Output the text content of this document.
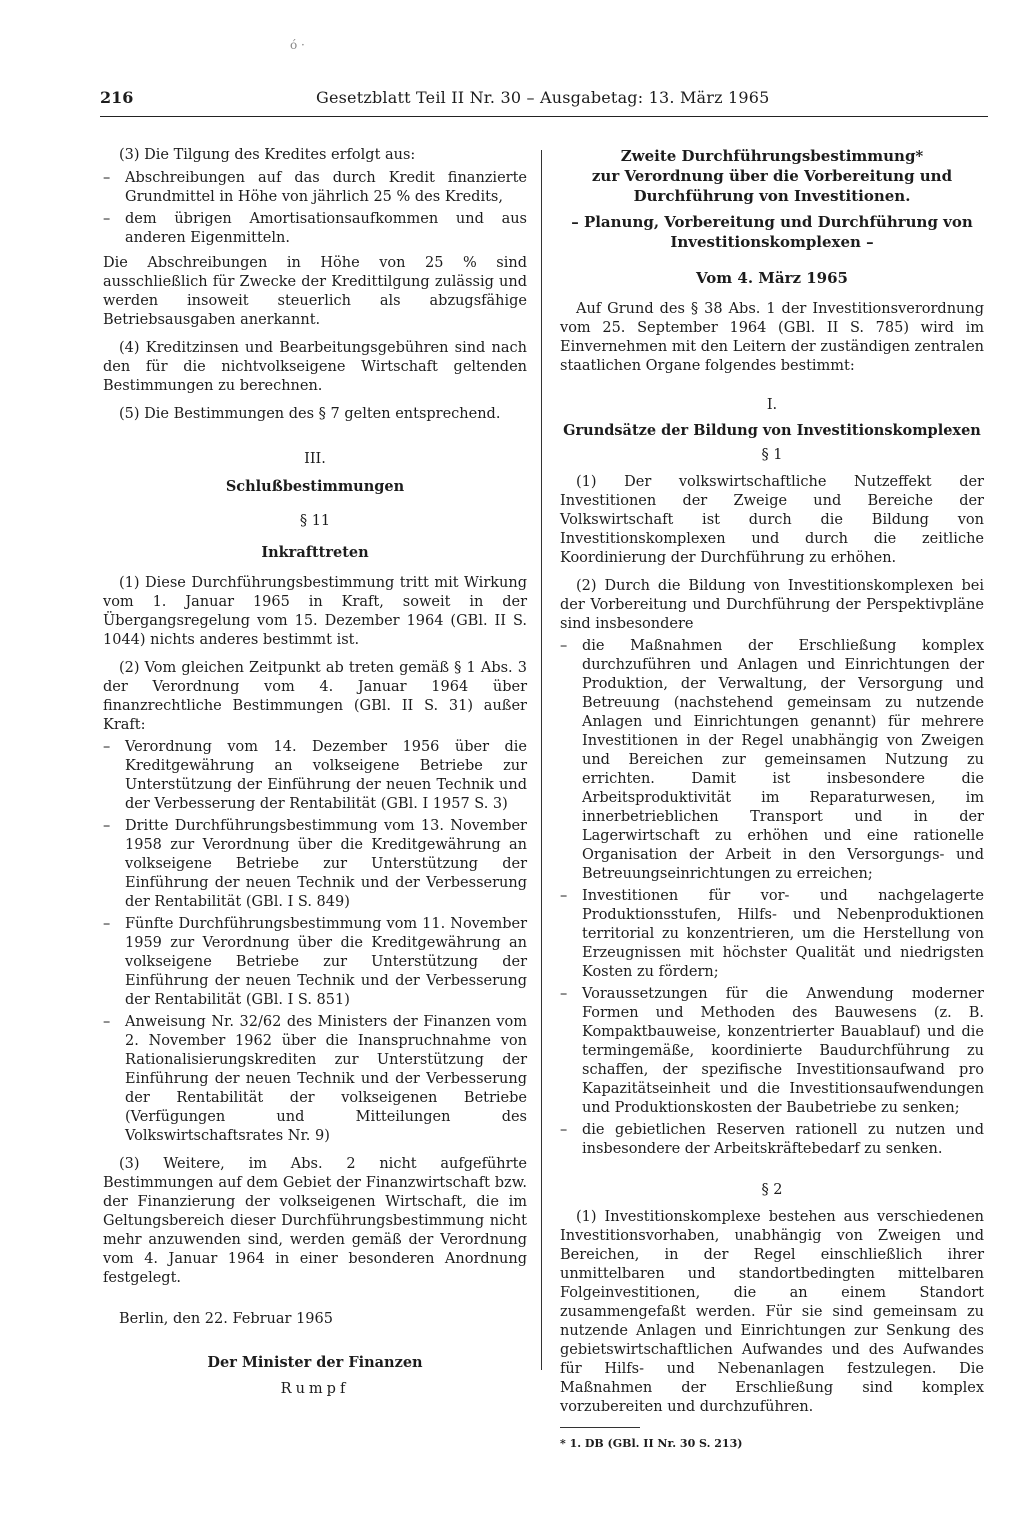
ó ·
216	Gesetzblatt Teil II Nr. 30 – Ausgabetag: 13. März 1965

(3) Die Tilgung des Kredites erfolgt aus:

– Abschreibungen auf das durch Kredit finanzierte Grundmittel in Höhe von jährlich 25 % des Kredits,
– dem übrigen Amortisationsaufkommen und aus anderen Eigenmitteln.

Die Abschreibungen in Höhe von 25 % sind ausschließlich für Zwecke der Kredittilgung zulässig und werden insoweit steuerlich als abzugsfähige Betriebsausgaben anerkannt.

(4) Kreditzinsen und Bearbeitungsgebühren sind nach den für die nichtvolkseigene Wirtschaft geltenden Bestimmungen zu berechnen.

(5) Die Bestimmungen des § 7 gelten entsprechend.

III.
Schlußbestimmungen
§ 11
Inkrafttreten

(1) Diese Durchführungsbestimmung tritt mit Wirkung vom 1. Januar 1965 in Kraft, soweit in der Übergangsregelung vom 15. Dezember 1964 (GBl. II S. 1044) nichts anderes bestimmt ist.

(2) Vom gleichen Zeitpunkt ab treten gemäß § 1 Abs. 3 der Verordnung vom 4. Januar 1964 über finanzrechtliche Bestimmungen (GBl. II S. 31) außer Kraft:

– Verordnung vom 14. Dezember 1956 über die Kreditgewährung an volkseigene Betriebe zur Unterstützung der Einführung der neuen Technik und der Verbesserung der Rentabilität (GBl. I 1957 S. 3)
– Dritte Durchführungsbestimmung vom 13. November 1958 zur Verordnung über die Kreditgewährung an volkseigene Betriebe zur Unterstützung der Einführung der neuen Technik und der Verbesserung der Rentabilität (GBl. I S. 849)
– Fünfte Durchführungsbestimmung vom 11. November 1959 zur Verordnung über die Kreditgewährung an volkseigene Betriebe zur Unterstützung der Einführung der neuen Technik und der Verbesserung der Rentabilität (GBl. I S. 851)
– Anweisung Nr. 32/62 des Ministers der Finanzen vom 2. November 1962 über die Inanspruchnahme von Rationalisierungskrediten zur Unterstützung der Einführung der neuen Technik und der Verbesserung der Rentabilität der volkseigenen Betriebe (Verfügungen und Mitteilungen des Volkswirtschaftsrates Nr. 9)

(3) Weitere, im Abs. 2 nicht aufgeführte Bestimmungen auf dem Gebiet der Finanzwirtschaft bzw. der Finanzierung der volkseigenen Wirtschaft, die im Geltungsbereich dieser Durchführungsbestimmung nicht mehr anzuwenden sind, werden gemäß der Verordnung vom 4. Januar 1964 in einer besonderen Anordnung festgelegt.

Berlin, den 22. Februar 1965

Der Minister der Finanzen
Rumpf
Zweite Durchführungsbestimmung*
zur Verordnung über die Vorbereitung und
Durchführung von Investitionen.
– Planung, Vorbereitung und Durchführung von
Investitionskomplexen –
Vom 4. März 1965

Auf Grund des § 38 Abs. 1 der Investitionsverordnung vom 25. September 1964 (GBl. II S. 785) wird im Einvernehmen mit den Leitern der zuständigen zentralen staatlichen Organe folgendes bestimmt:

I.
Grundsätze der Bildung von Investitionskomplexen
§ 1

(1) Der volkswirtschaftliche Nutzeffekt der Investitionen der Zweige und Bereiche der Volkswirtschaft ist durch die Bildung von Investitionskomplexen und durch die zeitliche Koordinierung der Durchführung zu erhöhen.

(2) Durch die Bildung von Investitionskomplexen bei der Vorbereitung und Durchführung der Perspektivpläne sind insbesondere

– die Maßnahmen der Erschließung komplex durchzuführen und Anlagen und Einrichtungen der Produktion, der Verwaltung, der Versorgung und Betreuung (nachstehend gemeinsam zu nutzende Anlagen und Einrichtungen genannt) für mehrere Investitionen in der Regel unabhängig von Zweigen und Bereichen zur gemeinsamen Nutzung zu errichten. Damit ist insbesondere die Arbeitsproduktivität im Reparaturwesen, im innerbetrieblichen Transport und in der Lagerwirtschaft zu erhöhen und eine rationelle Organisation der Arbeit in den Versorgungs- und Betreuungseinrichtungen zu erreichen;
– Investitionen für vor- und nachgelagerte Produktionsstufen, Hilfs- und Nebenproduktionen territorial zu konzentrieren, um die Herstellung von Erzeugnissen mit höchster Qualität und niedrigsten Kosten zu fördern;
– Voraussetzungen für die Anwendung moderner Formen und Methoden des Bauwesens (z. B. Kompaktbauweise, konzentrierter Bauablauf) und die termingemäße, koordinierte Baudurchführung zu schaffen, der spezifische Investitionsaufwand pro Kapazitätseinheit und die Investitionsaufwendungen und Produktionskosten der Baubetriebe zu senken;
– die gebietlichen Reserven rationell zu nutzen und insbesondere der Arbeitskräftebedarf zu senken.
§ 2

(1) Investitionskomplexe bestehen aus verschiedenen Investitionsvorhaben, unabhängig von Zweigen und Bereichen, in der Regel einschließlich ihrer unmittelbaren und standortbedingten mittelbaren Folgeinvestitionen, die an einem Standort zusammengefaßt werden. Für sie sind gemeinsam zu nutzende Anlagen und Einrichtungen zur Senkung des gebietswirtschaftlichen Aufwandes und des Aufwandes für Hilfs- und Nebenanlagen festzulegen. Die Maßnahmen der Erschließung sind komplex vorzubereiten und durchzuführen.

* 1. DB (GBl. II Nr. 30 S. 213)
